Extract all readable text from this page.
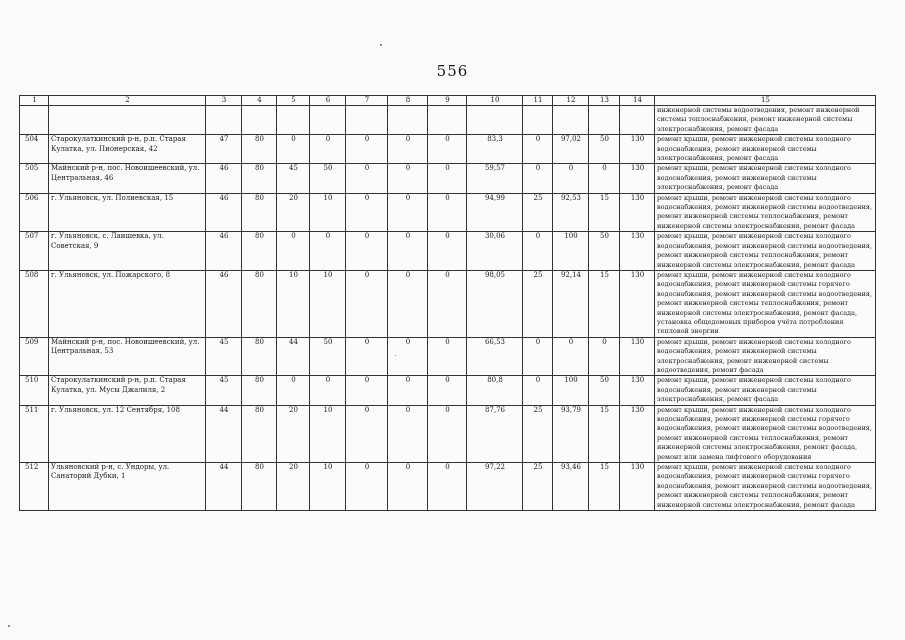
556
1	2	3	4	5	6	7	8	9	10	11	12	13	14	15
														инженерной системы водоотведения, ремонт инженерной системы теплоснабжения, ремонт инженерной системы электроснабжения, ремонт фасада
504	Старокулаткинский р-н, р.п. Старая Кулатка, ул. Пионерская, 42	47	80	0	0	0	0	0	83,3	0	97,02	50	130	ремонт крыши, ремонт инженерной системы холодного водоснабжения, ремонт инженерной системы электроснабжения, ремонт фасада
505	Майнский р-н, пос. Новоишеевский, ул. Центральная, 46	46	80	45	50	0	0	0	59,57	0	0	0	130	ремонт крыши, ремонт инженерной системы холодного водоснабжения, ремонт инженерной системы электроснабжения, ремонт фасада
506	г. Ульяновск, ул. Полиевская, 15	46	80	20	10	0	0	0	94,99	25	92,53	15	130	ремонт крыши, ремонт инженерной системы холодного водоснабжения, ремонт инженерной системы водоотведения, ремонт инженерной системы теплоснабжения, ремонт инженерной системы электроснабжения, ремонт фасада
507	г. Ульяновск, с. Лаишевка, ул. Советская, 9	46	80	0	0	0	0	0	30,06	0	100	50	130	ремонт крыши, ремонт инженерной системы холодного водоснабжения, ремонт инженерной системы водоотведения, ремонт инженерной системы теплоснабжения, ремонт инженерной системы электроснабжения, ремонт фасада
508	г. Ульяновск, ул. Пожарского, 8	46	80	10	10	0	0	0	98,05	25	92,14	15	130	ремонт крыши, ремонт инженерной системы холодного водоснабжения, ремонт инженерной системы горячего водоснабжения, ремонт инженерной системы водоотведения, ремонт инженерной системы теплоснабжения, ремонт инженерной системы электроснабжения, ремонт фасада, установка общедомовых приборов учёта потребления тепловой энергии
509	Майнский р-н, пос. Новоишеевский, ул. Центральная, 53	45	80	44	50	0	0	0	66,53	0	0	0	130	ремонт крыши, ремонт инженерной системы холодного водоснабжения, ремонт инженерной системы электроснабжения, ремонт инженерной системы водоотведения, ремонт фасада
510	Старокулаткинский р-н, р.п. Старая Кулатка, ул. Мусы Джалиля, 2	45	80	0	0	0	0	0	80,8	0	100	50	130	ремонт крыши, ремонт инженерной системы холодного водоснабжения, ремонт инженерной системы электроснабжения, ремонт фасада
511	г. Ульяновск, ул. 12 Сентября, 108	44	80	20	10	0	0	0	87,76	25	93,79	15	130	ремонт крыши, ремонт инженерной системы холодного водоснабжения, ремонт инженерной системы горячего водоснабжения, ремонт инженерной системы водоотведения, ремонт инженерной системы теплоснабжения, ремонт инженерной системы электроснабжения, ремонт фасада, ремонт или замена лифтового оборудования
512	Ульяновский р-н, с. Ундоры, ул. Санаторий Дубки, 1	44	80	20	10	0	0	0	97,22	25	93,46	15	130	ремонт крыши, ремонт инженерной системы холодного водоснабжения, ремонт инженерной системы горячего водоснабжения, ремонт инженерной системы водоотведения, ремонт инженерной системы теплоснабжения, ремонт инженерной системы электроснабжения, ремонт фасада
